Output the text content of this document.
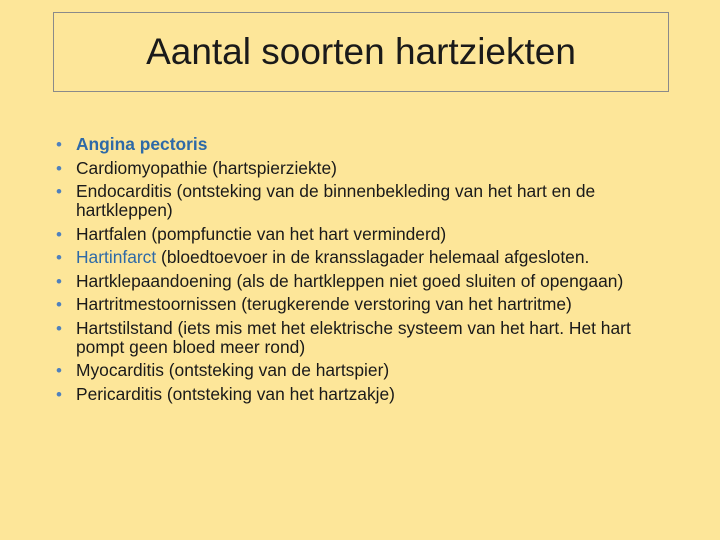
Aantal soorten hartziekten
• Angina pectoris
• Cardiomyopathie (hartspierziekte)
• Endocarditis (ontsteking van de binnenbekleding van het hart en de hartkleppen)
• Hartfalen (pompfunctie van het hart verminderd)
• Hartinfarct (bloedtoevoer in de kransslagader helemaal afgesloten.
• Hartklepaandoening (als de hartkleppen niet goed sluiten of opengaan)
• Hartritmestoornissen (terugkerende verstoring van het hartritme)
• Hartstilstand (iets mis met het elektrische systeem van het hart. Het hart pompt geen bloed meer rond)
• Myocarditis (ontsteking van de hartspier)
• Pericarditis (ontsteking van het hartzakje)
